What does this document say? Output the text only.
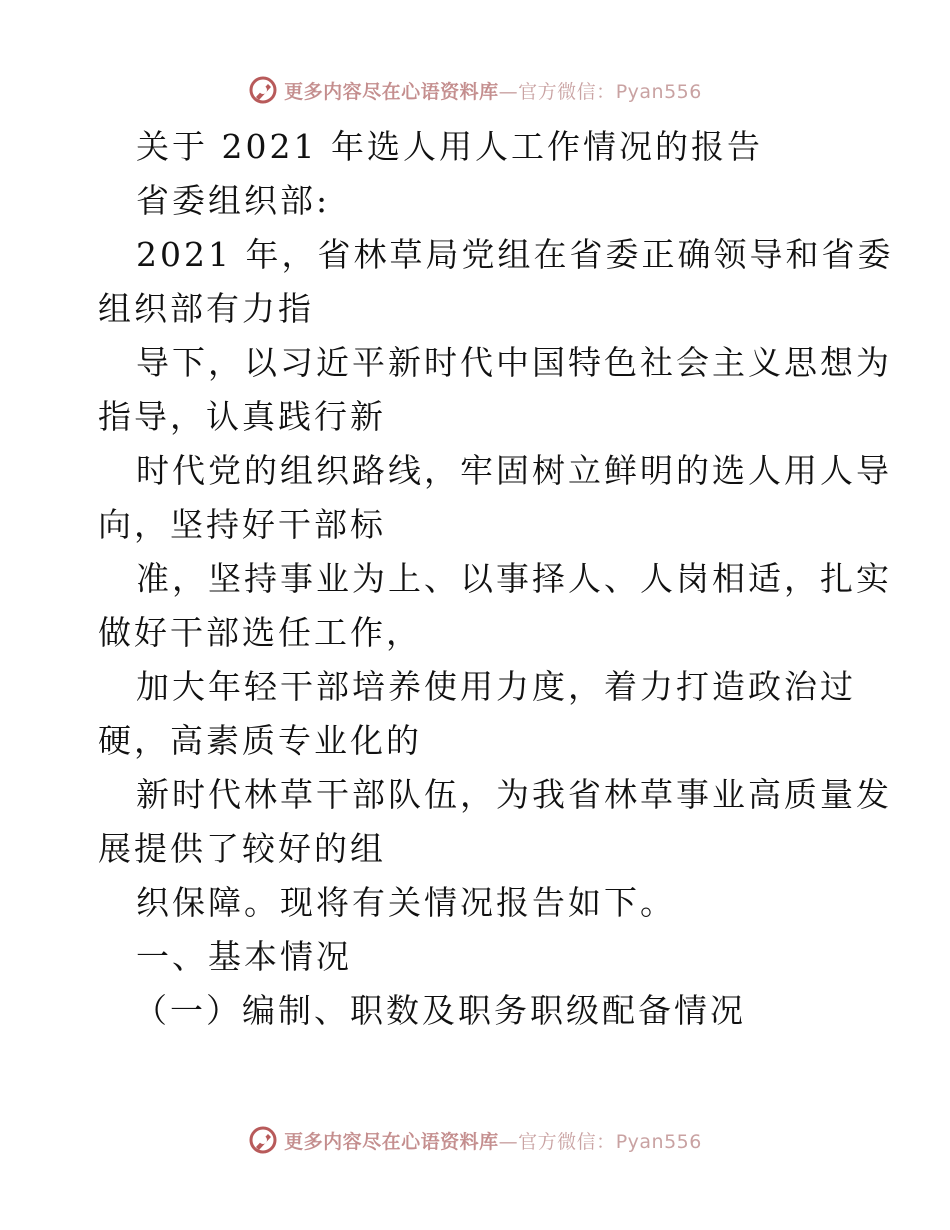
更多内容尽在心语资料库—官方微信：Pyan556
关于 2021 年选人用人工作情况的报告
省委组织部:
2021 年，省林草局党组在省委正确领导和省委
组织部有力指
导下，以习近平新时代中国特色社会主义思想为
指导，认真践行新
时代党的组织路线，牢固树立鲜明的选人用人导
向，坚持好干部标
准，坚持事业为上、以事择人、人岗相适，扎实
做好干部选任工作，
加大年轻干部培养使用力度，着力打造政治过
硬，高素质专业化的
新时代林草干部队伍，为我省林草事业高质量发
展提供了较好的组
织保障。现将有关情况报告如下。
一、基本情况
（一）编制、职数及职务职级配备情况
更多内容尽在心语资料库—官方微信：Pyan556
